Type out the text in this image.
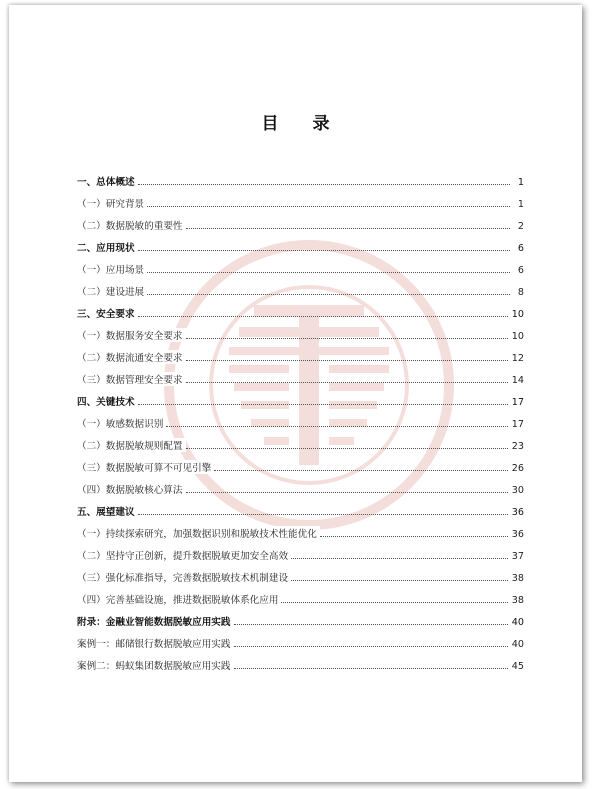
目 录
一、总体概述	1
（一）研究背景	1
（二）数据脱敏的重要性	2
二、应用现状	6
（一）应用场景	6
（二）建设进展	8
三、安全要求	10
（一）数据服务安全要求	10
（二）数据流通安全要求	12
（三）数据管理安全要求	14
四、关键技术	17
（一）敏感数据识别	17
（二）数据脱敏规则配置	23
（三）数据脱敏可算不可见引擎	26
（四）数据脱敏核心算法	30
五、展望建议	36
（一）持续探索研究，加强数据识别和脱敏技术性能优化	36
（二）坚持守正创新，提升数据脱敏更加安全高效	37
（三）强化标准指导，完善数据脱敏技术机制建设	38
（四）完善基础设施，推进数据脱敏体系化应用	38
附录：金融业智能数据脱敏应用实践	40
案例一：邮储银行数据脱敏应用实践	40
案例二：蚂蚁集团数据脱敏应用实践	45
